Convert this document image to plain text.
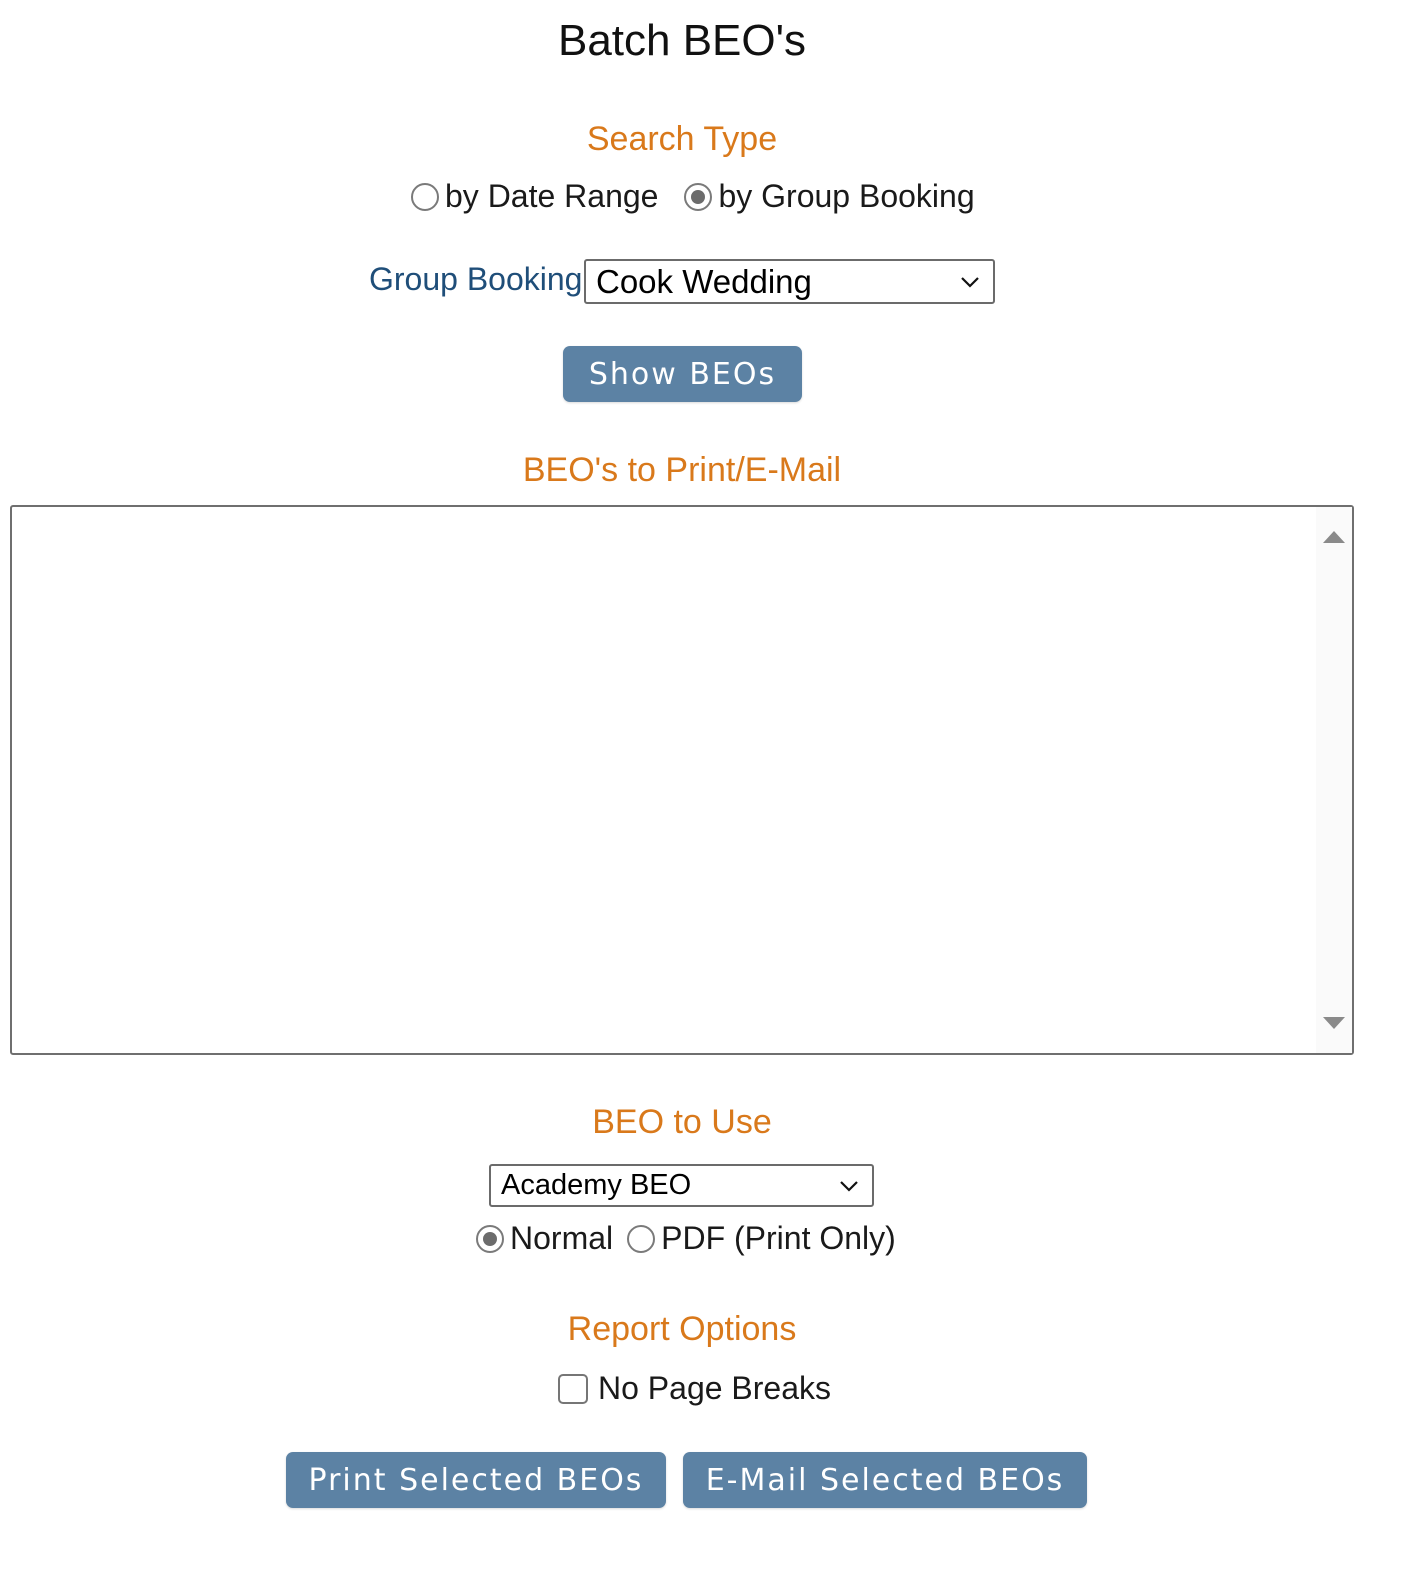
Batch BEO's
Search Type
by Date Range by Group Booking
Group Booking Cook Wedding
Show BEOs
BEO's to Print/E-Mail
BEO to Use
Academy BEO
Normal PDF (Print Only)
Report Options
No Page Breaks
Print Selected BEOs	E-Mail Selected BEOs
